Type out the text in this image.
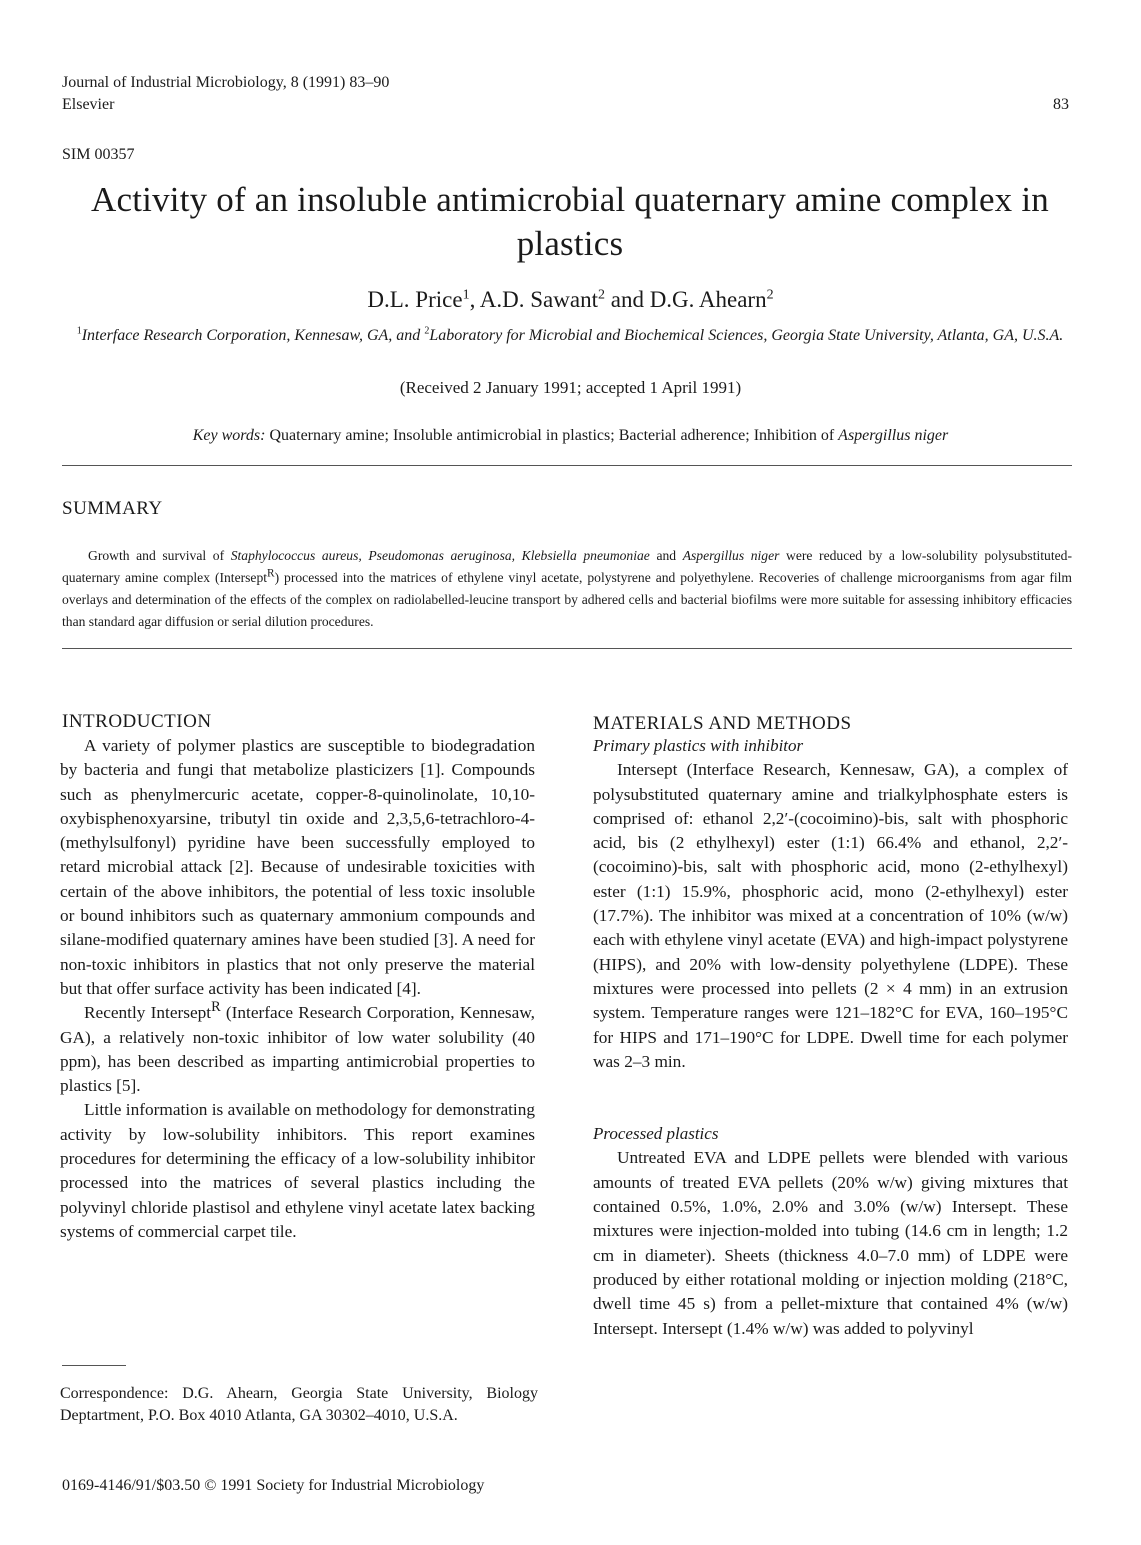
Journal of Industrial Microbiology, 8 (1991) 83–90
Elsevier	83
SIM 00357
Activity of an insoluble antimicrobial quaternary amine complex in plastics
D.L. Price$^1$, A.D. Sawant$^2$ and D.G. Ahearn$^2$
$^1$Interface Research Corporation, Kennesaw, GA, and $^2$Laboratory for Microbial and Biochemical Sciences, Georgia State University, Atlanta, GA, U.S.A.
(Received 2 January 1991; accepted 1 April 1991)
Key words: Quaternary amine; Insoluble antimicrobial in plastics; Bacterial adherence; Inhibition of Aspergillus niger
SUMMARY
Growth and survival of Staphylococcus aureus, Pseudomonas aeruginosa, Klebsiella pneumoniae and Aspergillus niger were reduced by a low-solubility polysubstituted-quaternary amine complex (Intersept$^R$) processed into the matrices of ethylene vinyl acetate, polystyrene and polyethylene. Recoveries of challenge microorganisms from agar film overlays and determination of the effects of the complex on radiolabelled-leucine transport by adhered cells and bacterial biofilms were more suitable for assessing inhibitory efficacies than standard agar diffusion or serial dilution procedures.
INTRODUCTION	MATERIALS AND METHODS

A variety of polymer plastics are susceptible to biodegradation by bacteria and fungi that metabolize plasticizers [1]. Compounds such as phenylmercuric acetate, copper-8-quinolinolate, 10,10-oxybisphenoxyarsine, tributyl tin oxide and 2,3,5,6-tetrachloro-4-(methylsulfonyl) pyridine have been successfully employed to retard microbial attack [2]. Because of undesirable toxicities with certain of the above inhibitors, the potential of less toxic insoluble or bound inhibitors such as quaternary ammonium compounds and silane-modified quaternary amines have been studied [3]. A need for non-toxic inhibitors in plastics that not only preserve the material but that offer surface activity has been indicated [4].

Recently Intersept$^R$ (Interface Research Corporation, Kennesaw, GA), a relatively non-toxic inhibitor of low water solubility (40 ppm), has been described as imparting antimicrobial properties to plastics [5].

Little information is available on methodology for demonstrating activity by low-solubility inhibitors. This report examines procedures for determining the efficacy of a low-solubility inhibitor processed into the matrices of several plastics including the polyvinyl chloride plastisol and ethylene vinyl acetate latex backing systems of commercial carpet tile.

Primary plastics with inhibitor

Intersept (Interface Research, Kennesaw, GA), a complex of polysubstituted quaternary amine and trialkylphosphate esters is comprised of: ethanol 2,2′-(cocoimino)-bis, salt with phosphoric acid, bis (2 ethylhexyl) ester (1:1) 66.4% and ethanol, 2,2′- (cocoimino)-bis, salt with phosphoric acid, mono (2-ethylhexyl) ester (1:1) 15.9%, phosphoric acid, mono (2-ethylhexyl) ester (17.7%). The inhibitor was mixed at a concentration of 10% (w/w) each with ethylene vinyl acetate (EVA) and high-impact polystyrene (HIPS), and 20% with low-density polyethylene (LDPE). These mixtures were processed into pellets (2 × 4 mm) in an extrusion system. Temperature ranges were 121–182°C for EVA, 160–195°C for HIPS and 171–190°C for LDPE. Dwell time for each polymer was 2–3 min.

Processed plastics

Untreated EVA and LDPE pellets were blended with various amounts of treated EVA pellets (20% w/w) giving mixtures that contained 0.5%, 1.0%, 2.0% and 3.0% (w/w) Intersept. These mixtures were injection-molded into tubing (14.6 cm in length; 1.2 cm in diameter). Sheets (thickness 4.0–7.0 mm) of LDPE were produced by either rotational molding or injection molding (218°C, dwell time 45 s) from a pellet-mixture that contained 4% (w/w) Intersept. Intersept (1.4% w/w) was added to polyvinyl

Correspondence: D.G. Ahearn, Georgia State University, Biology Deptartment, P.O. Box 4010 Atlanta, GA 30302–4010, U.S.A.
0169-4146/91/$03.50 © 1991 Society for Industrial Microbiology
